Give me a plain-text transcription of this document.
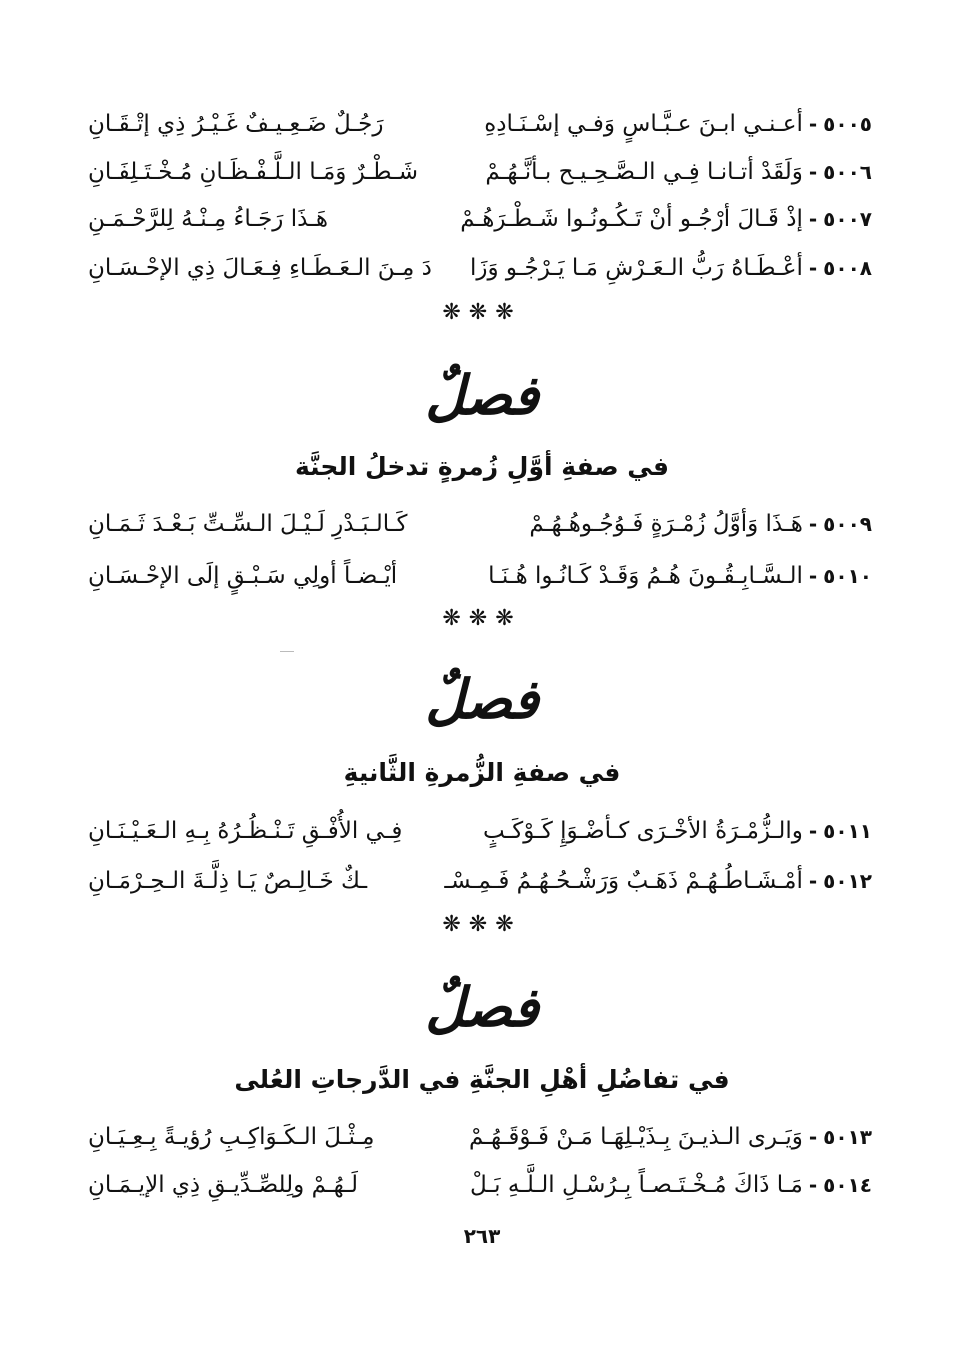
٥٠٠٥
-
أعـنـي ابـنَ عـبَّـاسٍ وَفـي إسْـنَـادِهِ
رَجُـلٌ ضَـعِـيـفٌ غَـيْـرُ ذِي إتْـقَـانِ
٥٠٠٦
-
وَلَقَدْ أتـانـا فِـي الـصَّـحِـيـح بـأنَّـهُـمْ
شَـطْـرٌ وَمَـا الـلَّـفْـظَـانِ مُـخْـتَـلِفَـانِ
٥٠٠٧
-
إذْ قَـالَ أرْجُـو أنْ تَـكُـونُـوا شَـطْـرَهُـمْ
هَـذَا رَجَـاءُ مِـنْـهُ لِلرَّحْـمَـنِ
٥٠٠٨
-
أعْـطَـاهُ رَبُّ الـعَـرْشِ مَـا يَـرْجُـو وَزَا
دَ مِـنَ الـعَـطَـاءِ فِـعَـالَ ذِي الإحْـسَـانِ
❋❋❋
فصلٌ
في صفةِ أوَّلِ زُمرةٍ تدخلُ الجنَّة
٥٠٠٩
-
هَـذَا وَأوَّلُ زُمْـرَةٍ فَـوُجُـوهُـهُـمْ
كَـالـبَـدْرِ لَـيْـلَ الـسِّـتِّ بَـعْـدَ ثَـمَـانِ
٥٠١٠
-
الـسَّـابِـقُـونَ هُـمُ وَقَـدْ كَـانُـوا هُـنَـا
أيْـضـاً أولِي سَـبْـقٍ إلَى الإحْـسَـانِ
❋❋❋
فصلٌ
في صفةِ الزُّمرةِ الثَّانيةِ
٥٠١١
-
والـزُّمْـرَةُ الأخْـرَى كـأضْـوَإِ كَـوْكَـبٍ
فِـي الأُفْـقِ تَـنْـظُـرُهُ بِـهِ الـعَـيْـنَـانِ
٥٠١٢
-
أمْـشَـاطُـهُـمْ ذَهَـبٌ وَرَشْـحُـهُـمُ فَـمِـسْـ
ـكٌ خَـالِـصٌ يَـا ذِلَّـةَ الـحِـرْمَـانِ
❋❋❋
فصلٌ
في تفاضُلِ أهْلِ الجنَّةِ في الدَّرجاتِ العُلى
٥٠١٣
-
وَيَـرى الـذيـنَ بِـذَيْـلِهَـا مَـنْ فَـوْقَـهُـمْ
مِـثْـلَ الـكَـوَاكِـبِ رُؤيـةً بِـعِـيَـانِ
٥٠١٤
-
مَـا ذَاكَ مُـخْـتَـصـاً بِـرُسْـلِ الـلَّـهِ بَـلْ
لَـهُـمْ ولِلصِّـدِّيـقِ ذِي الإيـمَـانِ
٢٦٣
